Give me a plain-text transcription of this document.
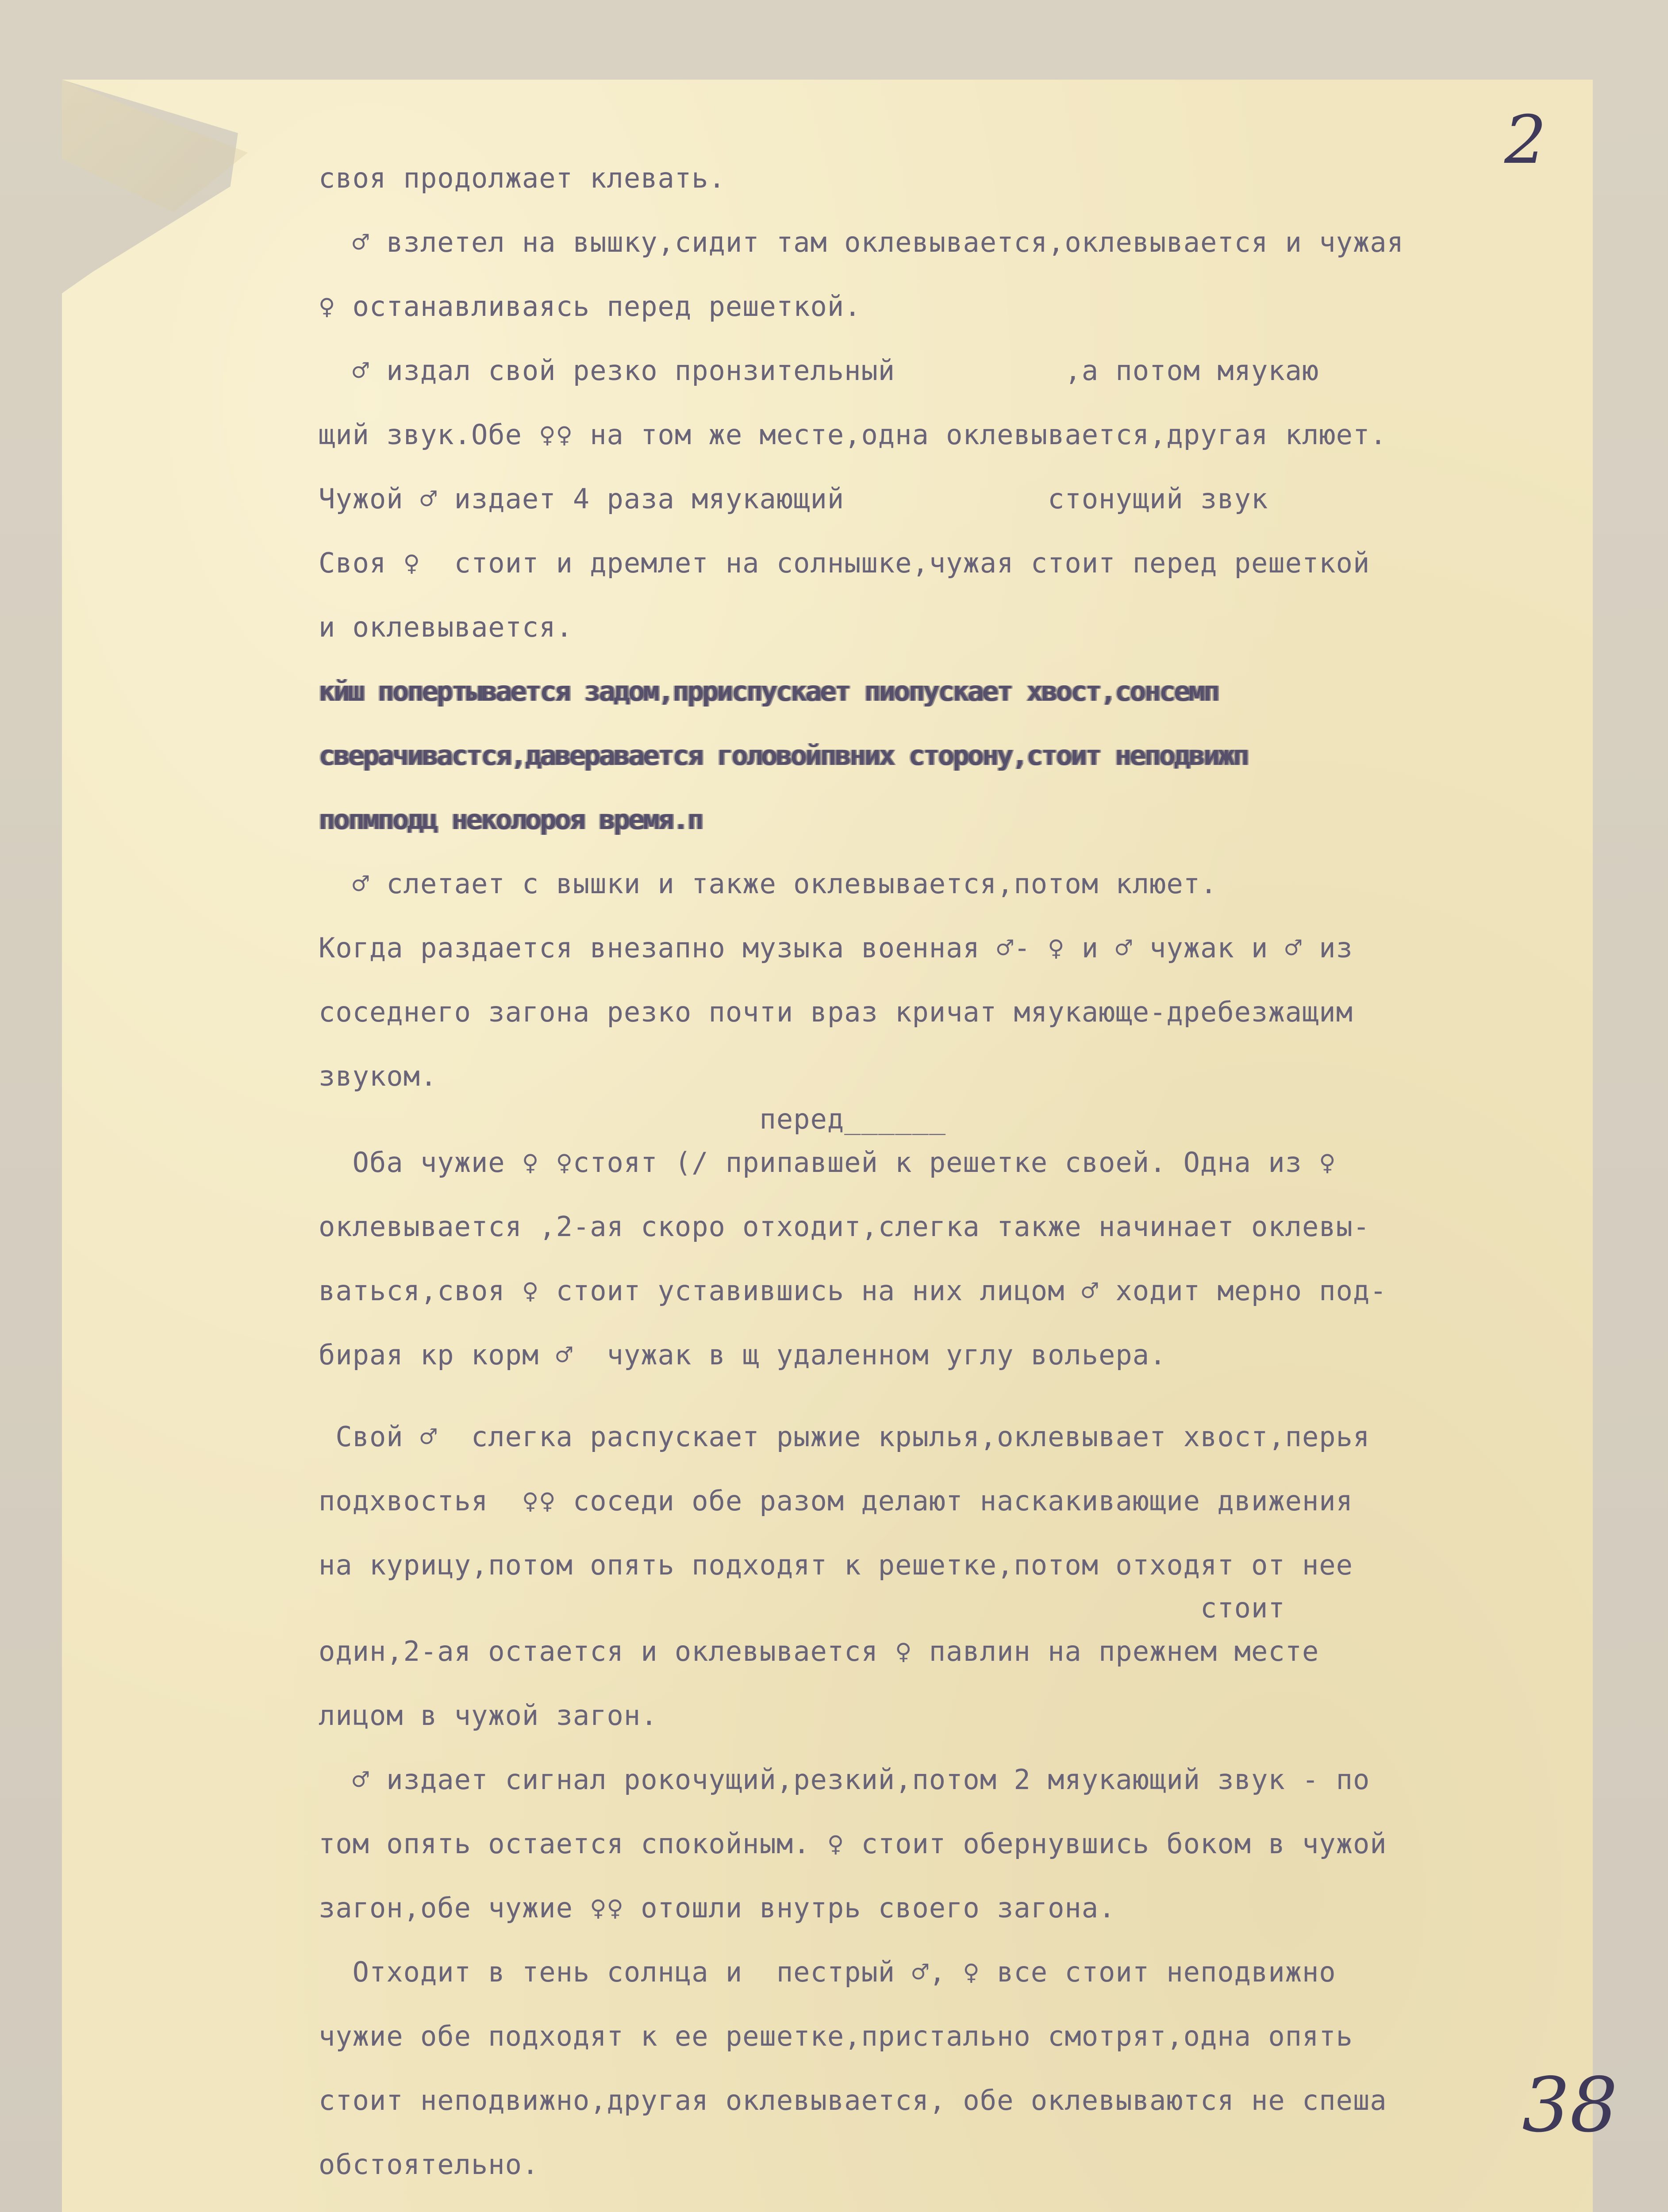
2
своя продолжает клевать.
♂ взлетел на вышку,сидит там оклевывается,оклевывается и чужая
♀ останавливаясь перед решеткой.
♂ издал свой резко пронзительный          ,а потом мяукаю
щий звук.Обе ♀♀ на том же месте,одна оклевывается,другая клюет.
Чужой ♂ издает 4 раза мяукающий            стонущий звук
Своя ♀  стоит и дремлет на солнышке,чужая стоит перед решеткой
и оклевывается.
кйш попертывается задом,прриспускает пиопускает хвост,сонсемп
сверачивастся,даверавается головойпвних сторону,стоит неподвижп
попмподц неколороя время.п
♂ слетает с вышки и также оклевывается,потом клюет.
Когда раздается внезапно музыка военная ♂- ♀ и ♂ чужак и ♂ из
соседнего загона резко почти враз кричат мяукающе-дребезжащим
звуком.
перед______
Оба чужие ♀ ♀стоят (/ припавшей к решетке своей. Одна из ♀
оклевывается ,2-ая скоро отходит,слегка также начинает оклевы-
ваться,своя ♀ стоит уставившись на них лицом ♂ ходит мерно под-
бирая кр корм ♂  чужак в щ удаленном углу вольера.
Свой ♂  слегка распускает рыжие крылья,оклевывает хвост,перья
подхвостья  ♀♀ соседи обе разом делают наскакивающие движения
на курицу,потом опять подходят к решетке,потом отходят от нее
стоит
один,2-ая остается и оклевывается ♀ павлин на прежнем месте
лицом в чужой загон.
♂ издает сигнал рокочущий,резкий,потом 2 мяукающий звук - по
том опять остается спокойным. ♀ стоит обернувшись боком в чужой
загон,обе чужие ♀♀ отошли внутрь своего загона.
Отходит в тень солнца и  пестрый ♂, ♀ все стоит неподвижно
чужие обе подходят к ее решетке,пристально смотрят,одна опять
стоит неподвижно,другая оклевывается, обе оклевываются не спеша
обстоятельно.
38
